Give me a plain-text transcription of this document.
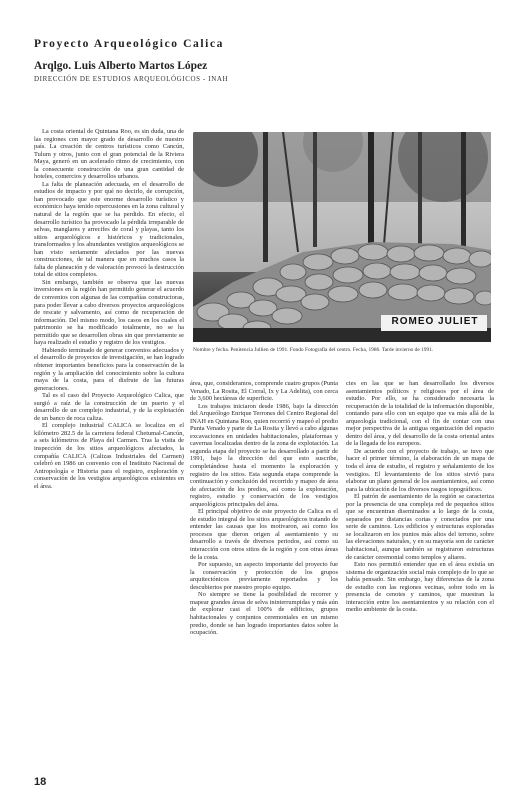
Proyecto Arqueológico Calica
Arqlgo. Luis Alberto Martos López
DIRECCIÓN DE ESTUDIOS ARQUEOLÓGICOS - INAH

La costa oriental de Quintana Roo, es sin duda, una de las regiones con mayor grado de desarrollo de nuestro país. La creación de centros turísticos como Cancún, Tulum y otros, junto con el gran potencial de la Riviera Maya, generó en un acelerado ritmo de crecimiento, con la consecuente construcción de una gran cantidad de hoteles, comercios y desarrollos urbanos.

La falta de planeación adecuada, en el desarrollo de estudios de impacto y por qué no decirlo, de corrupción, han provocado que este enorme desarrollo turístico y económico haya tenido repercusiones en la zona cultural y natural de la región que se ha perdido. En efecto, el desarrollo turístico ha provocado la pérdida irreparable de selvas, manglares y arrecifes de coral y playas, tanto los sitios arqueológicos e históricos y tradicionales, transformados y los abundantes vestigios arqueológicos se han visto seriamente afectados por las nuevas construcciones, de tal manera que en muchos casos la falta de planeación y de valoración provocó la destrucción total de sitios completos.

Sin embargo, también se observa que las nuevas inversiones en la región han permitido generar el acuerdo de convenios con algunas de las compañías constructoras, para poder llevar a cabo diversos proyectos arqueológicos de rescate y salvamento, así como de recuperación de información. Del mismo modo, los casos en los cuales el patrimonio se ha modificado totalmente, no se ha permitido que se desarrollen obras sin que previamente se haya realizado el estudio y registro de los vestigios.

Habiendo terminado de generar convenios adecuados y el desarrollo de proyectos de investigación, se han logrado obtener importantes beneficios para la conservación de la región y la ampliación del conocimiento sobre la cultura maya de la costa, para el disfrute de las futuras generaciones.

Tal es el caso del Proyecto Arqueológico Calica, que surgió a raíz de la construcción de un puerto y el desarrollo de un complejo industrial, y de la explotación de un banco de roca caliza.

El complejo industrial CALICA se localiza en el kilómetro 282.5 de la carretera federal Chetumal-Cancún, a seis kilómetros de Playa del Carmen. Tras la visita de inspección de los sitios arqueológicos afectados, la compañía CALICA (Calizas Industriales del Carmen) celebró en 1986 un convenio con el Instituto Nacional de Antropología e Historia para el registro, exploración y conservación de los vestigios arqueológicos existentes en el área.

ROMEO JULIET
Nombre y fecha. Penitencia Jullien de 1991. Fondo Fotografía del centro. Fecha, 1986. Tarde invierno de 1991.

área, que, consideramos, comprende cuatro grupos (Punta Venado, La Rosita, El Corral, Ix y La Adelita), con cerca de 3,600 hectáreas de superficie.

Los trabajos iniciaron desde 1986, bajo la dirección del Arqueólogo Enrique Terrones del Centro Regional del INAH en Quintana Roo, quien recorrió y mapeó el predio Punta Venado y parte de La Rosita y llevó a cabo algunas excavaciones en unidades habitacionales, plataformas y cavernas localizadas dentro de la zona de explotación. La segunda etapa del proyecto se ha desarrollado a partir de 1991, bajo la dirección del que esto suscribe, completándose hasta el momento la exploración y registro de los sitios. Esta segunda etapa comprende la continuación y conclusión del recorrido y mapeo de área de afectación de los predios, así como la exploración, registro, estudio y conservación de los vestigios arqueológicos principales del área.

El principal objetivo de este proyecto de Calica es el de estudio integral de los sitios arqueológicos tratando de entender las causas que los motivaron, así como los procesos que dieron origen al asentamiento y su desarrollo a través de diversos periodos, así como su interacción con otros sitios de la región y con otras áreas de la costa.

Por supuesto, un aspecto importante del proyecto fue la conservación y protección de los grupos arquitectónicos previamente reportados y los descubiertos por nuestro propio equipo.

No siempre se tiene la posibilidad de recorrer y mapear grandes áreas de selva ininterrumpidas y más aún de explorar casi el 100% de edificios, grupos habitacionales y conjuntos ceremoniales en un mismo predio, donde se han logrado importantes datos sobre la ocupación.

cies en las que se han desarrollado los diversos asentamientos políticos y religiosos por el área de estudio. Por ello, se ha considerado necesaria la recuperación de la totalidad de la información disponible, contando para ello con un equipo que va más allá de la arqueología tradicional, con el fin de contar con una mejor perspectiva de la antigua organización del espacio dentro del área, y del desarrollo de la costa oriental antes de la llegada de los europeos.

De acuerdo con el proyecto de trabajo, se tuvo que hacer el primer término, la elaboración de un mapa de toda el área de estudio, el registro y señalamiento de los vestigios. El levantamiento de los sitios sirvió para elaborar un plano general de los asentamientos, así como para la ubicación de los diversos rasgos topográficos.

El patrón de asentamiento de la región se caracteriza por la presencia de una compleja red de pequeños sitios que se encuentran diseminados a lo largo de la costa, separados por distancias cortas y conectados por una serie de caminos. Los edificios y estructuras exploradas se localizaron en los puntos más altos del terreno, sobre las elevaciones naturales, y en su mayoría son de carácter habitacional, aunque también se registraron estructuras de carácter ceremonial como templos y altares.

Esto nos permitió entender que en el área existía un sistema de organización social más complejo de lo que se había pensado. Sin embargo, hay diferencias de la zona de estudio con las regiones vecinas, sobre todo en la presencia de cenotes y caminos, que muestran la interacción entre los asentamientos y su relación con el medio ambiente de la costa.

18
